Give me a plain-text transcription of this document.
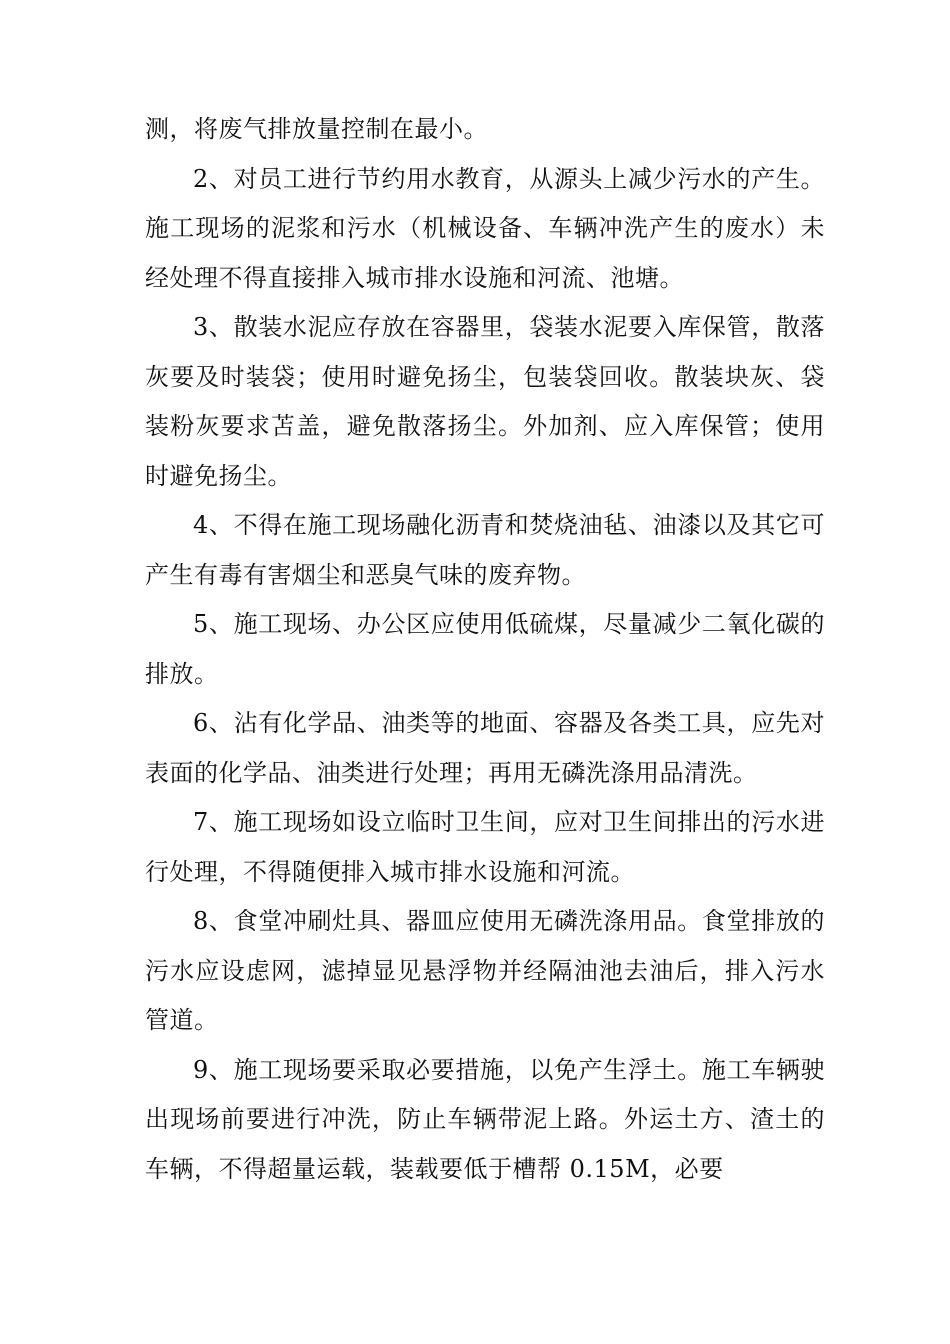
测，将废气排放量控制在最小。

2、对员工进行节约用水教育，从源头上减少污水的产生。施工现场的泥浆和污水（机械设备、车辆冲洗产生的废水）未经处理不得直接排入城市排水设施和河流、池塘。

3、散装水泥应存放在容器里，袋装水泥要入库保管，散落灰要及时装袋；使用时避免扬尘，包装袋回收。散装块灰、袋装粉灰要求苫盖，避免散落扬尘。外加剂、应入库保管；使用时避免扬尘。

4、不得在施工现场融化沥青和焚烧油毡、油漆以及其它可产生有毒有害烟尘和恶臭气味的废弃物。

5、施工现场、办公区应使用低硫煤，尽量减少二氧化碳的排放。

6、沾有化学品、油类等的地面、容器及各类工具，应先对表面的化学品、油类进行处理；再用无磷洗涤用品清洗。

7、施工现场如设立临时卫生间，应对卫生间排出的污水进行处理，不得随便排入城市排水设施和河流。

8、食堂冲刷灶具、器皿应使用无磷洗涤用品。食堂排放的污水应设虑网，滤掉显见悬浮物并经隔油池去油后，排入污水管道。

9、施工现场要采取必要措施，以免产生浮土。施工车辆驶出现场前要进行冲洗，防止车辆带泥上路。外运土方、渣土的车辆，不得超量运载，装载要低于槽帮 0.15M，必要
